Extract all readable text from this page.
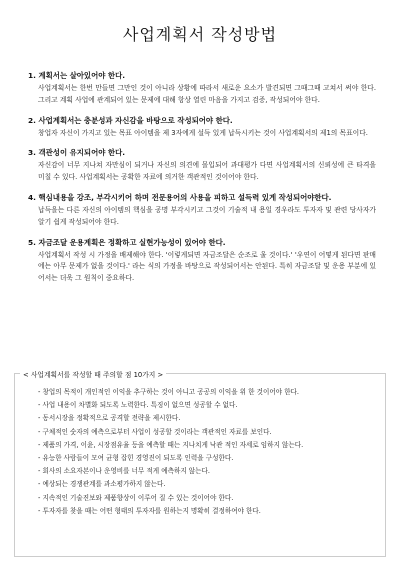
사업계획서 작성방법
1. 계획서는 살아있어야 한다.
사업계획서는 한번 만들면 그만인 것이 아니라 상황에 따라서 새로운 요소가 발견되면 그때그때 고쳐서 써야 한다. 그리고 계획 사업에 관계되어 있는 문제에 대해 항상 열린 마음을 가지고 검증, 작성되어야 한다.
2. 사업계획서는 충분성과 자신감을 바탕으로 작성되어야 한다.
창업자 자신이 가지고 있는 목표 아이템을 제 3자에게 설득 있게 납득시키는 것이 사업계획서의 제1의 목표이다.
3. 객관성이 유지되어야 한다.
자신감이 너무 지나쳐 자만심이 되거나 자신의 의견에 몰입되어 과대평가 다면 사업계획서의 신뢰성에 큰 타격을 미칠 수 있다. 사업계획서는 공확한 자료에 의거한 객관적인 것이어야 한다.
4. 핵심내용을 강조, 부각시키어 하며 전문용어의 사용을 피하고 설득력 있게 작성되어야한다.
납득을는 다른 자신의 아이템의 핵심을 공명 부각시키고 그것이 기술적 내 용일 경우라도 투자자 및 관련 당사자가 알기 쉽게 작성되어야 한다.
5. 자금조달 운용계획은 정확하고 실현가능성이 있어야 한다.
사업계획서 작성 시 가정을 배제해야 한다. '이렇게되면 자금조달은 순조로 울 것이다.' '우연이 어떻게 된다면 판매에는 아무 문제가 없을 것이다.' 라는 식의 가정을 바탕으로 작성되어서는 안된다. 특히 자금조달 및 운용 부분에 있어서는 더욱 그 원칙이 중요하다.
< 사업계획서를 작성할 때 주의할 점 10가지 >
- 창업의 목적이 개인적인 이익을 추구하는 것이 아니고 공공의 이익을 위 한 것이어야 한다.
- 사업 내용이 차별화 되도록 노력한다. 특징이 없으면 성공할 수 없다.
- 동서시장을 정확적으로 공격할 전략을 제시한다.
- 구체적인 숫자의 예측으로부터 사업이 성공할 것이라는 객관적인 자료를 보인다.
- 제품의 가격, 이윤, 시장점유율 등을 예측할 때는 지나치게 낙관 적인 자세로 임하지 않는다.
- 유능한 사람들이 모여 균형 잡힌 경영진이 되도록 인력을 구성한다.
- 회사의 소요자본이나 운영비를 너무 적게 예측하지 않는다.
- 예상되는 경쟁관계를 과소평가하지 않는다.
- 지속적인 기술진보와 제품향상이 이루어 질 수 있는 것이어야 한다.
- 투자자를 찾을 때는 어떤 형태의 투자자를 원하는지 명확히 결정하여야 한다.
